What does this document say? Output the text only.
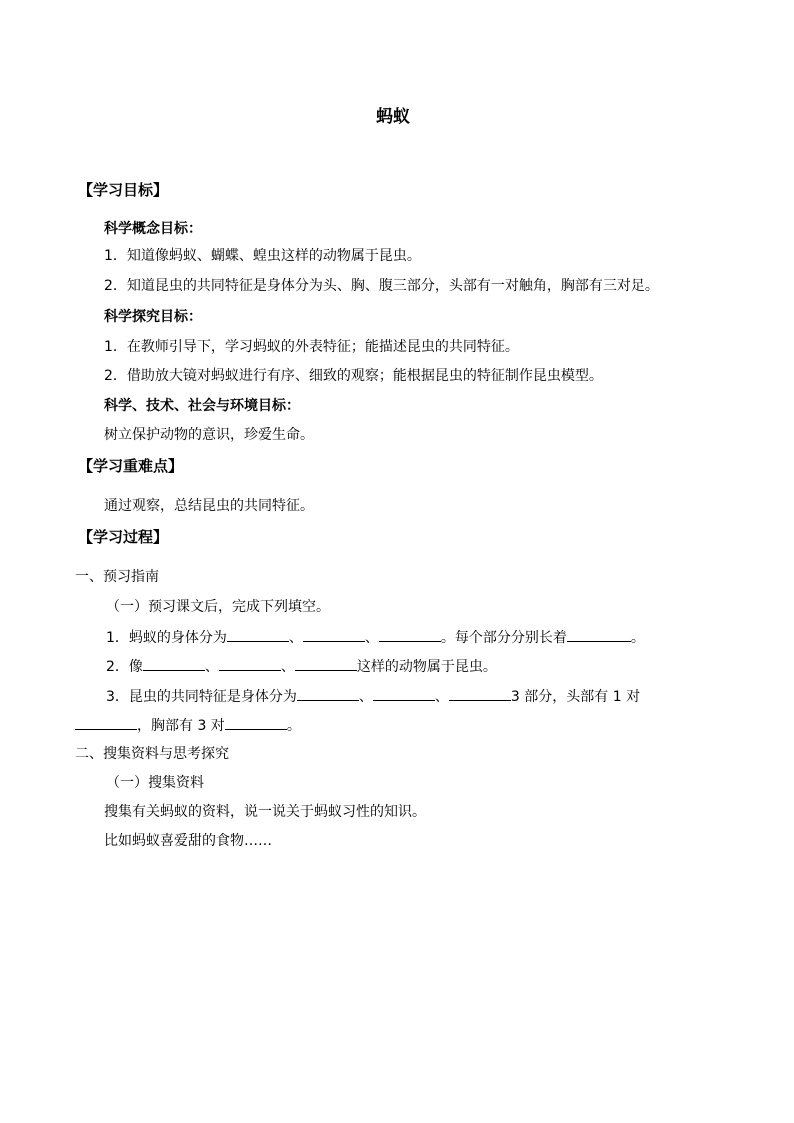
蚂蚁
【学习目标】
科学概念目标：
1．知道像蚂蚁、蝴蝶、蝗虫这样的动物属于昆虫。
2．知道昆虫的共同特征是身体分为头、胸、腹三部分，头部有一对触角，胸部有三对足。
科学探究目标：
1．在教师引导下，学习蚂蚁的外表特征；能描述昆虫的共同特征。
2．借助放大镜对蚂蚁进行有序、细致的观察；能根据昆虫的特征制作昆虫模型。
科学、技术、社会与环境目标：
树立保护动物的意识，珍爱生命。
【学习重难点】
通过观察，总结昆虫的共同特征。
【学习过程】
一、预习指南
（一）预习课文后，完成下列填空。
1．蚂蚁的身体分为	、	、	。每个部分分别长着	。
2．像	、	、	这样的动物属于昆虫。
3．昆虫的共同特征是身体分为	、	、	3 部分，头部有 1 对
，胸部有 3 对	。
二、搜集资料与思考探究
（一）搜集资料
搜集有关蚂蚁的资料，说一说关于蚂蚁习性的知识。
比如蚂蚁喜爱甜的食物……
